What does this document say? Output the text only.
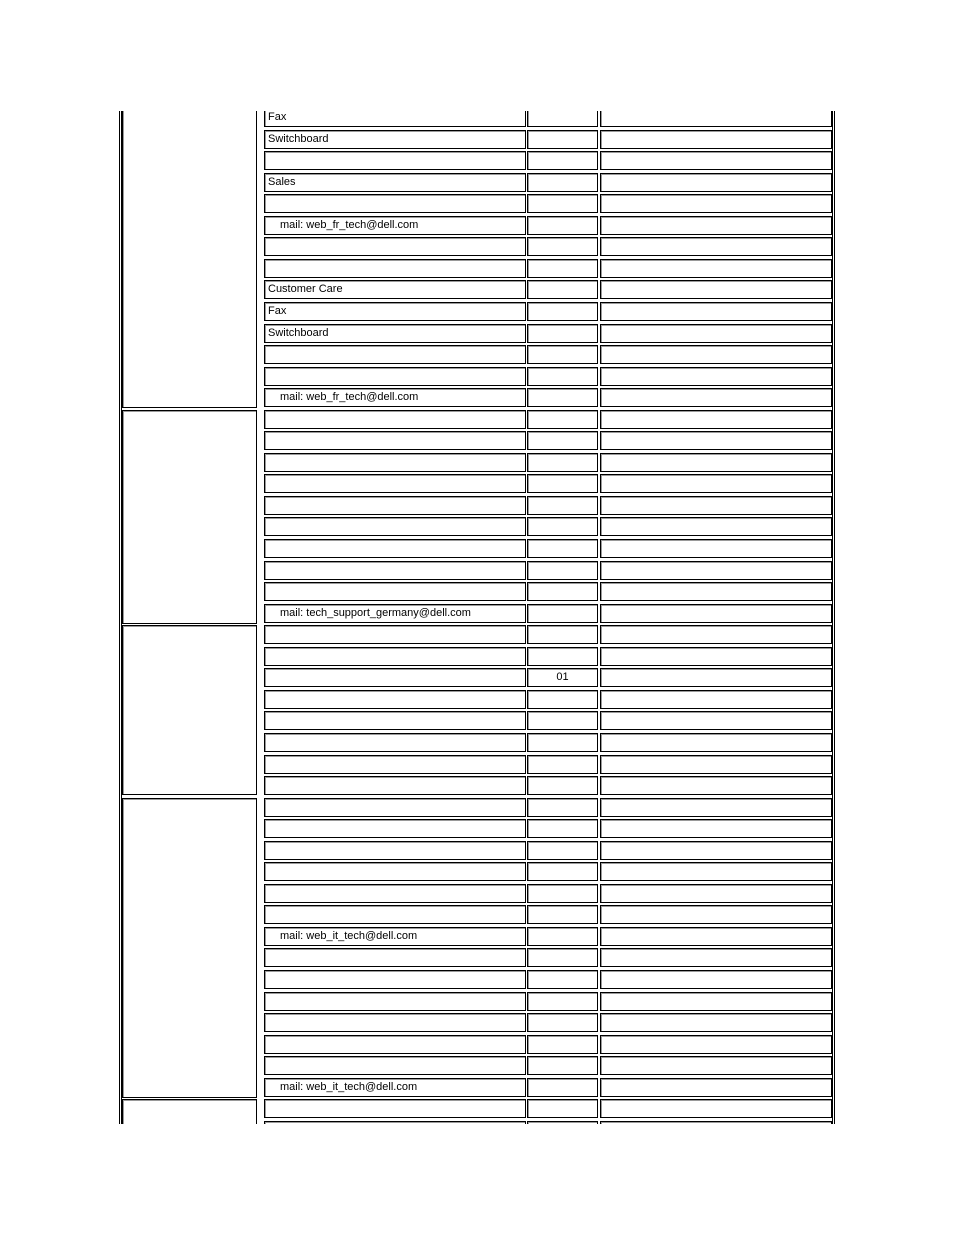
Fax
Switchboard
Sales
mail: web_fr_tech@dell.com
Customer Care
Fax
Switchboard
mail: web_fr_tech@dell.com
mail: tech_support_germany@dell.com
01
mail: web_it_tech@dell.com
mail: web_it_tech@dell.com
